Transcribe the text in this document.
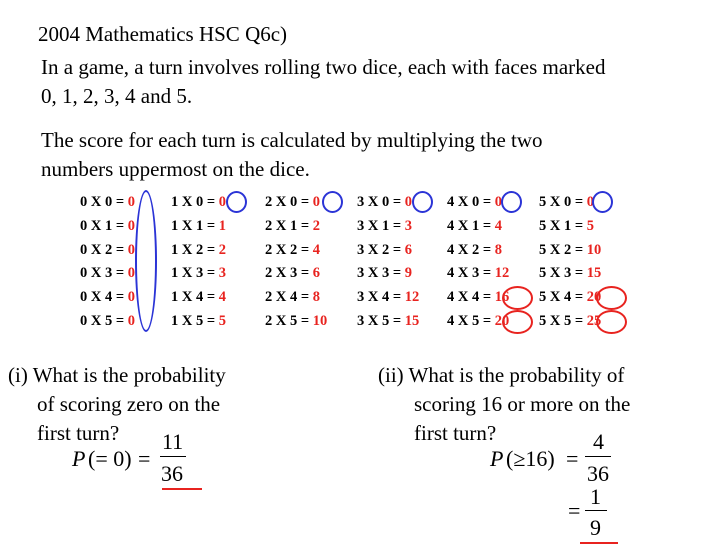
2004 Mathematics HSC Q6c)
In a game, a turn involves rolling two dice, each with faces marked
0, 1, 2, 3, 4 and 5.
The score for each turn is calculated by multiplying the two
numbers uppermost on the dice.
0 X 0 = 0
0 X 1 = 0
0 X 2 = 0
0 X 3 = 0
0 X 4 = 0
0 X 5 = 0
1 X 0 = 0
1 X 1 = 1
1 X 2 = 2
1 X 3 = 3
1 X 4 = 4
1 X 5 = 5
2 X 0 = 0
2 X 1 = 2
2 X 2 = 4
2 X 3 = 6
2 X 4 = 8
2 X 5 = 10
3 X 0 = 0
3 X 1 = 3
3 X 2 = 6
3 X 3 = 9
3 X 4 = 12
3 X 5 = 15
4 X 0 = 0
4 X 1 = 4
4 X 2 = 8
4 X 3 = 12
4 X 4 = 16
4 X 5 = 20
5 X 0 = 0
5 X 1 = 5
5 X 2 = 10
5 X 3 = 15
5 X 4 = 20
5 X 5 = 25
(i) What is the probability
of scoring zero on the
first turn?
P (= 0) =
11
36
(ii) What is the probability of
scoring 16 or more on the
first turn?
P (≥16) =
4
36
=
1
9
